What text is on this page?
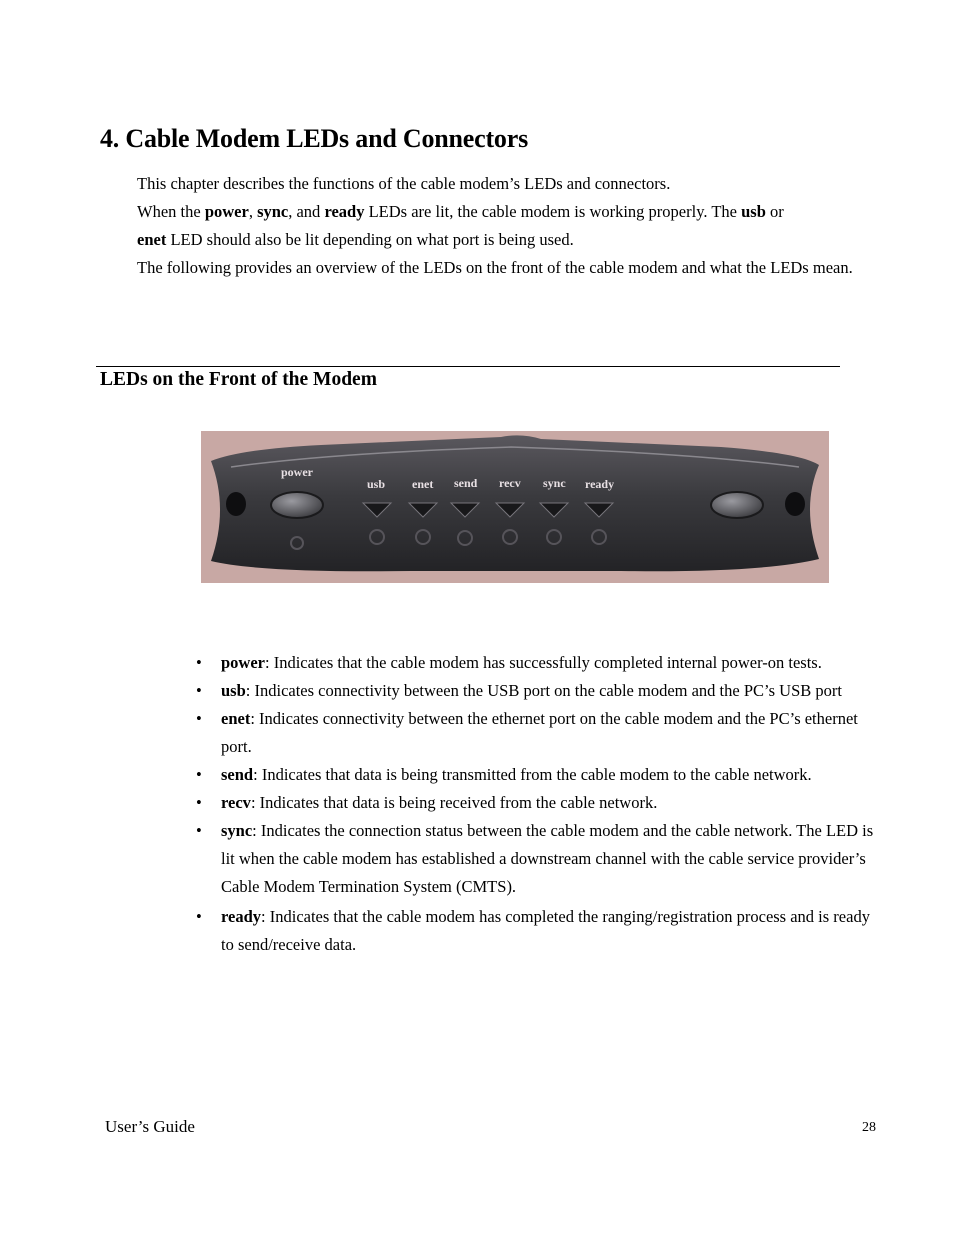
4. Cable Modem LEDs and Connectors
This chapter describes the functions of the cable modem’s LEDs and connectors.
When the power, sync, and ready LEDs are lit, the cable modem is working properly. The usb or
enet LED should also be lit depending on what port is being used.
The following provides an overview of the LEDs on the front of the cable modem and what the LEDs mean.
LEDs on the Front of the Modem
power
usb enet send recv sync ready
• power: Indicates that the cable modem has successfully completed internal power-on tests.
• usb: Indicates connectivity between the USB port on the cable modem and the PC’s USB port
• enet: Indicates connectivity between the ethernet port on the cable modem and the PC’s ethernet port.
• send: Indicates that data is being transmitted from the cable modem to the cable network.
• recv: Indicates that data is being received from the cable network.
• sync: Indicates the connection status between the cable modem and the cable network. The LED is lit when the cable modem has established a downstream channel with the cable service provider’s Cable Modem Termination System (CMTS).
• ready: Indicates that the cable modem has completed the ranging/registration process and is ready to send/receive data.
User’s Guide	28
